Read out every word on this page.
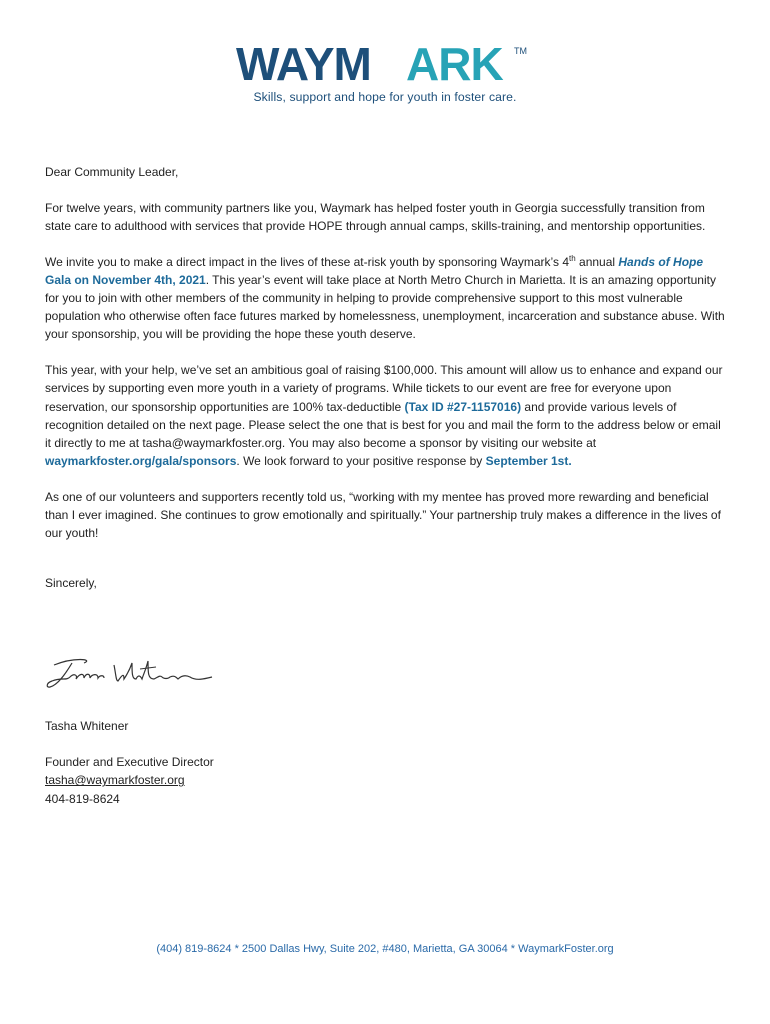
WAYM ARK TM
Skills, support and hope for youth in foster care.

Dear Community Leader,

For twelve years, with community partners like you, Waymark has helped foster youth in Georgia successfully transition from state care to adulthood with services that provide HOPE through annual camps, skills-training, and mentorship opportunities.

We invite you to make a direct impact in the lives of these at-risk youth by sponsoring Waymark’s 4th annual Hands of Hope Gala on November 4th, 2021. This year’s event will take place at North Metro Church in Marietta. It is an amazing opportunity for you to join with other members of the community in helping to provide comprehensive support to this most vulnerable population who otherwise often face futures marked by homelessness, unemployment, incarceration and substance abuse. With your sponsorship, you will be providing the hope these youth deserve.

This year, with your help, we’ve set an ambitious goal of raising $100,000. This amount will allow us to enhance and expand our services by supporting even more youth in a variety of programs. While tickets to our event are free for everyone upon reservation, our sponsorship opportunities are 100% tax-deductible (Tax ID #27-1157016) and provide various levels of recognition detailed on the next page. Please select the one that is best for you and mail the form to the address below or email it directly to me at tasha@waymarkfoster.org. You may also become a sponsor by visiting our website at waymarkfoster.org/gala/sponsors. We look forward to your positive response by September 1st.

As one of our volunteers and supporters recently told us, “working with my mentee has proved more rewarding and beneficial than I ever imagined. She continues to grow emotionally and spiritually.” Your partnership truly makes a difference in the lives of our youth!

Sincerely,

Tasha Whitener
Founder and Executive Director
tasha@waymarkfoster.org
404-819-8624
(404) 819-8624 * 2500 Dallas Hwy, Suite 202, #480, Marietta, GA 30064 * WaymarkFoster.org
